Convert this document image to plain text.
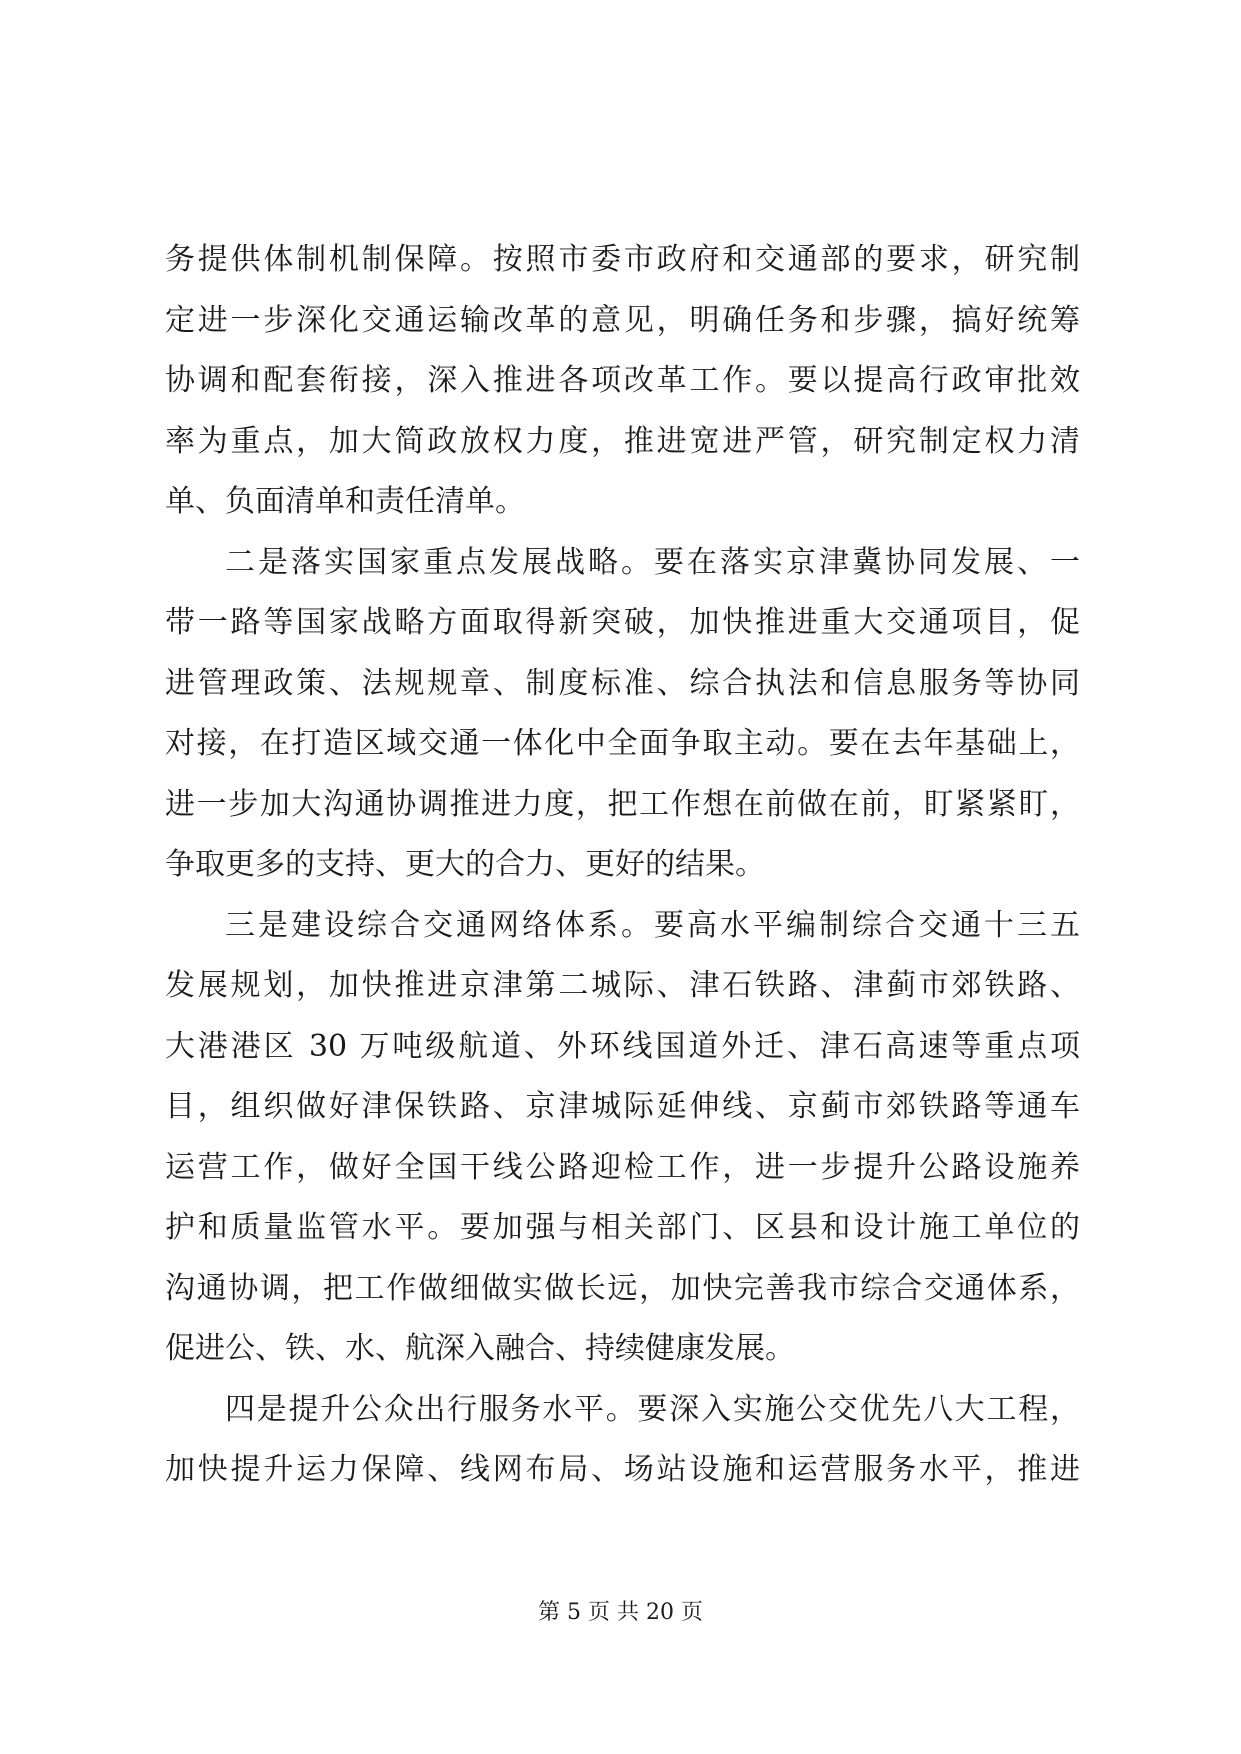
务提供体制机制保障。按照市委市政府和交通部的要求，研究制
定进一步深化交通运输改革的意见，明确任务和步骤，搞好统筹
协调和配套衔接，深入推进各项改革工作。要以提高行政审批效
率为重点，加大简政放权力度，推进宽进严管，研究制定权力清
单、负面清单和责任清单。
二是落实国家重点发展战略。要在落实京津冀协同发展、一
带一路等国家战略方面取得新突破，加快推进重大交通项目，促
进管理政策、法规规章、制度标准、综合执法和信息服务等协同
对接，在打造区域交通一体化中全面争取主动。要在去年基础上，
进一步加大沟通协调推进力度，把工作想在前做在前，盯紧紧盯，
争取更多的支持、更大的合力、更好的结果。
三是建设综合交通网络体系。要高水平编制综合交通十三五
发展规划，加快推进京津第二城际、津石铁路、津蓟市郊铁路、
大港港区 30 万吨级航道、外环线国道外迁、津石高速等重点项
目，组织做好津保铁路、京津城际延伸线、京蓟市郊铁路等通车
运营工作，做好全国干线公路迎检工作，进一步提升公路设施养
护和质量监管水平。要加强与相关部门、区县和设计施工单位的
沟通协调，把工作做细做实做长远，加快完善我市综合交通体系，
促进公、铁、水、航深入融合、持续健康发展。
四是提升公众出行服务水平。要深入实施公交优先八大工程，
加快提升运力保障、线网布局、场站设施和运营服务水平，推进
第 5 页 共 20 页
